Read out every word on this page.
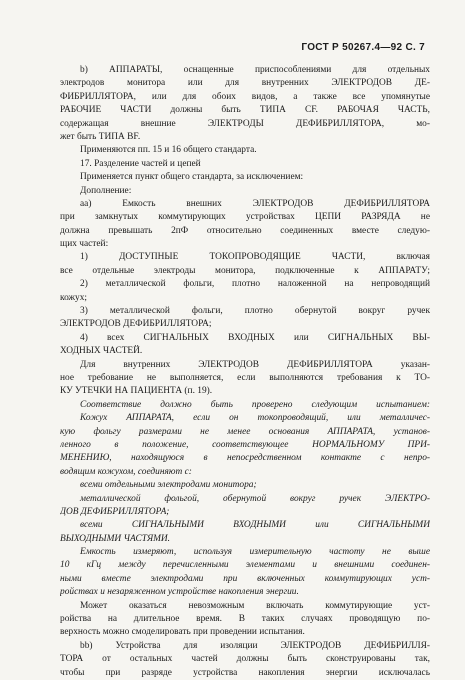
ГОСТ Р 50267.4—92 С. 7
b) АППАРАТЫ, оснащенные приспособлениями для отдельных
электродов монитора или для внутренних ЭЛЕКТРОДОВ ДЕ-
ФИБРИЛЛЯТОРА, или для обоих видов, а также все упомянутые
РАБОЧИЕ ЧАСТИ должны быть ТИПА CF. РАБОЧАЯ ЧАСТЬ,
содержащая внешние ЭЛЕКТРОДЫ ДЕФИБРИЛЛЯТОРА, мо-
жет быть ТИПА BF.
Применяются пп. 15 и 16 общего стандарта.
17. Разделение частей и цепей
Применяется пункт общего стандарта, за исключением:
Дополнение:
аа) Емкость внешних ЭЛЕКТРОДОВ ДЕФИБРИЛЛЯТОРА
при замкнутых коммутирующих устройствах ЦЕПИ РАЗРЯДА не
должна превышать 2пФ относительно соединенных вместе следую-
щих частей:
1) ДОСТУПНЫЕ ТОКОПРОВОДЯЩИЕ ЧАСТИ, включая
все отдельные электроды монитора, подключенные к АППАРАТУ;
2) металлической фольги, плотно наложенной на непроводящий
кожух;
3) металлической фольги, плотно обернутой вокруг ручек
ЭЛЕКТРОДОВ ДЕФИБРИЛЛЯТОРА;
4) всех СИГНАЛЬНЫХ ВХОДНЫХ или СИГНАЛЬНЫХ ВЫ-
ХОДНЫХ ЧАСТЕЙ.
Для внутренних ЭЛЕКТРОДОВ ДЕФИБРИЛЛЯТОРА указан-
ное требование не выполняется, если выполняются требования к ТО-
КУ УТЕЧКИ НА ПАЦИЕНТА (п. 19).
Соответствие должно быть проверено следующим испытанием:
Кожух АППАРАТА, если он токопроводящий, или металличес-
кую фольгу размерами не менее основания АППАРАТА, установ-
ленного в положение, соответствующее НОРМАЛЬНОМУ ПРИ-
МЕНЕНИЮ, находящуюся в непосредственном контакте с непро-
водящим кожухом, соединяют с:
всеми отдельными электродами монитора;
металлической фольгой, обернутой вокруг ручек ЭЛЕКТРО-
ДОВ ДЕФИБРИЛЛЯТОРА;
всеми СИГНАЛЬНЫМИ ВХОДНЫМИ или СИГНАЛЬНЫМИ
ВЫХОДНЫМИ ЧАСТЯМИ.
Емкость измеряют, используя измерительную частоту не выше
10 кГц между перечисленными элементами и внешними соединен-
ными вместе электродами при включенных коммутирующих уст-
ройствах и незаряженном устройстве накопления энергии.
Может оказаться невозможным включать коммутирующие уст-
ройства на длительное время. В таких случаях проводящую по-
верхность можно смоделировать при проведении испытания.
bb) Устройства для изоляции ЭЛЕКТРОДОВ ДЕФИБРИЛЛЯ-
ТОРА от остальных частей должны быть сконструированы так,
чтобы при разряде устройства накопления энергии исключалась
